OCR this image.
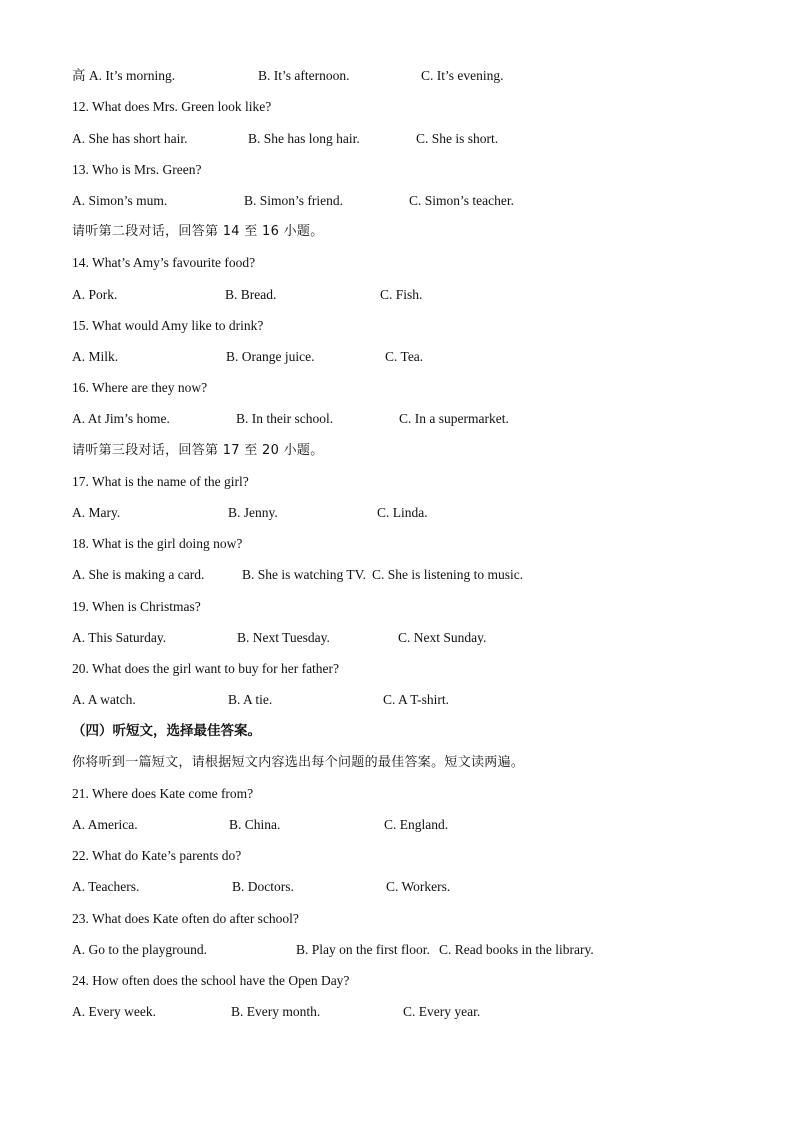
高 A. It’s morning.	B. It’s afternoon.	C. It’s evening.
12. What does Mrs. Green look like?
A. She has short hair.	B. She has long hair.	C. She is short.
13. Who is Mrs. Green?
A. Simon’s mum.	B. Simon’s friend.	C. Simon’s teacher.
请听第二段对话，回答第 14 至 16 小题。
14. What’s Amy’s favourite food?
A. Pork.	B. Bread.	C. Fish.
15. What would Amy like to drink?
A. Milk.	B. Orange juice.	C. Tea.
16. Where are they now?
A. At Jim’s home.	B. In their school.	C. In a supermarket.
请听第三段对话，回答第 17 至 20 小题。
17. What is the name of the girl?
A. Mary.	B. Jenny.	C. Linda.
18. What is the girl doing now?
A. She is making a card.	B. She is watching TV. C. She is listening to music.
19. When is Christmas?
A. This Saturday.	B. Next Tuesday.	C. Next Sunday.
20. What does the girl want to buy for her father?
A. A watch.	B. A tie.	C. A T-shirt.
（四）听短文，选择最佳答案。
你将听到一篇短文，请根据短文内容选出每个问题的最佳答案。短文读两遍。
21. Where does Kate come from?
A. America.	B. China.	C. England.
22. What do Kate’s parents do?
A. Teachers.	B. Doctors.	C. Workers.
23. What does Kate often do after school?
A. Go to the playground.	B. Play on the first floor. C. Read books in the library.
24. How often does the school have the Open Day?
A. Every week.	B. Every month.	C. Every year.
